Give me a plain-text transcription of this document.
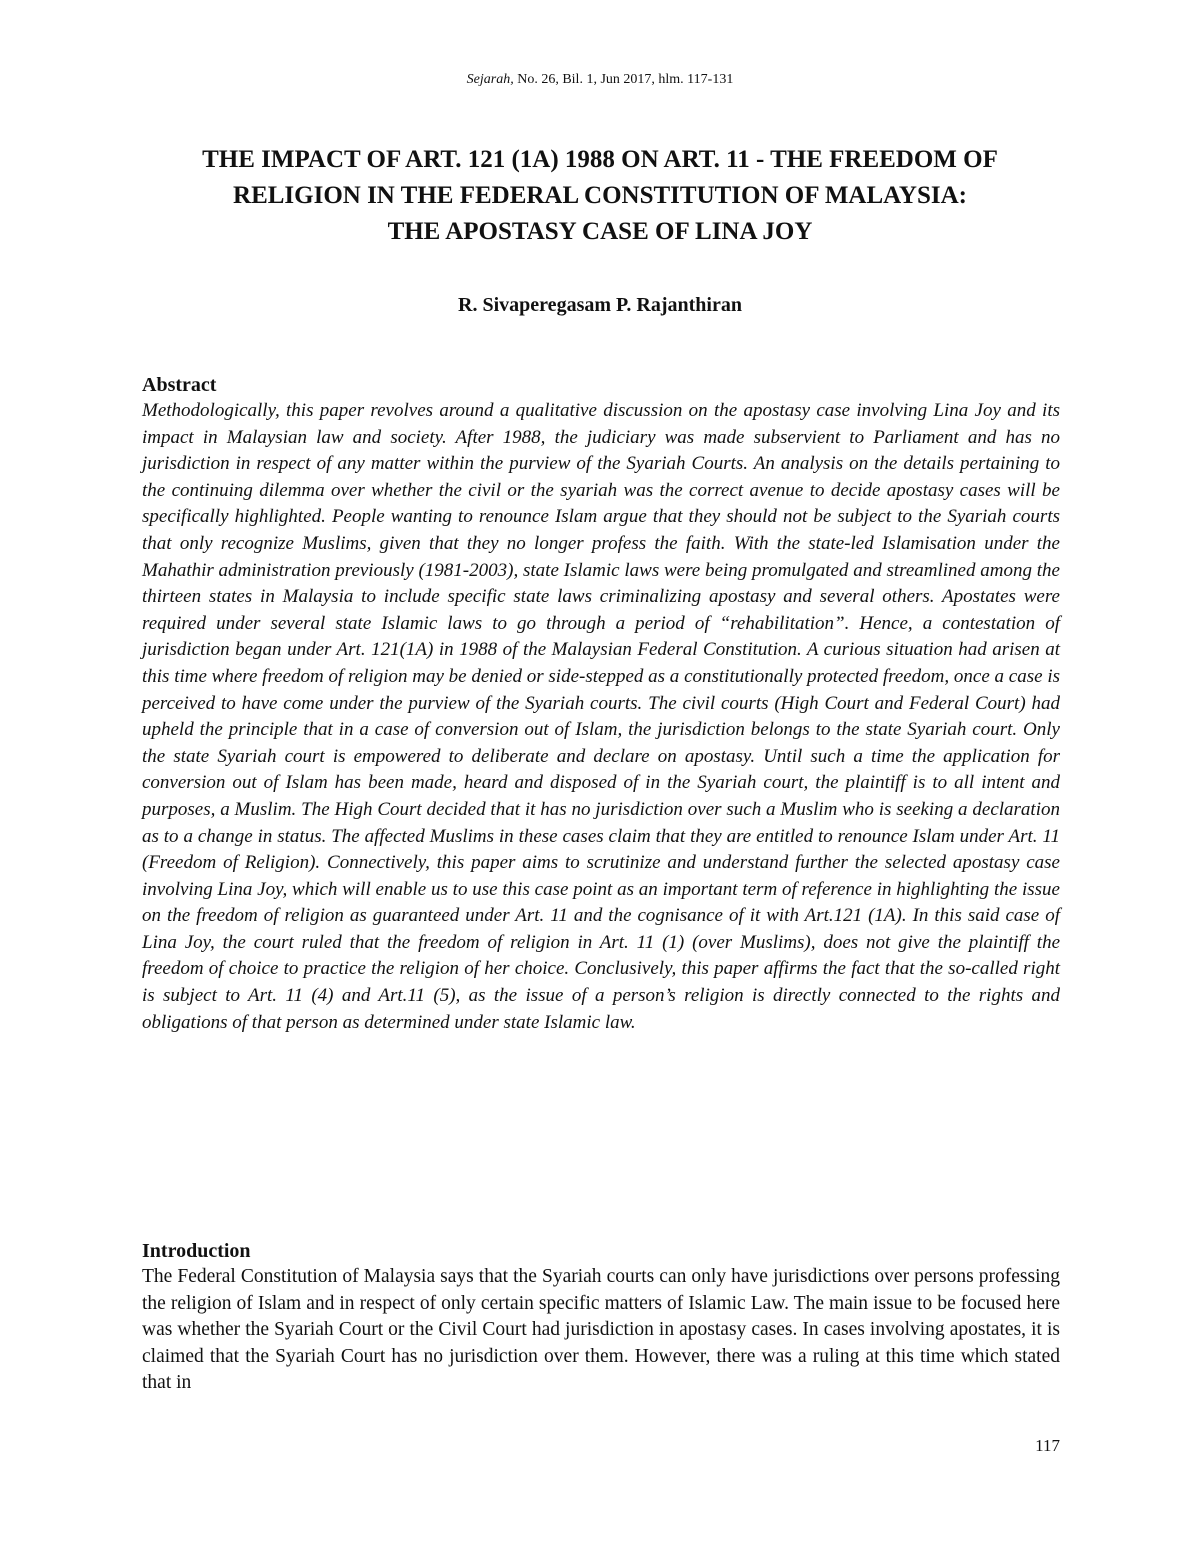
Sejarah, No. 26, Bil. 1, Jun 2017, hlm. 117-131
THE IMPACT OF ART. 121 (1A) 1988 ON ART. 11 - THE FREEDOM OF
RELIGION IN THE FEDERAL CONSTITUTION OF MALAYSIA:
THE APOSTASY CASE OF LINA JOY
R. Sivaperegasam P. Rajanthiran
Abstract

Methodologically, this paper revolves around a qualitative discussion on the apostasy case involving Lina Joy and its impact in Malaysian law and society. After 1988, the judiciary was made subservient to Parliament and has no jurisdiction in respect of any matter within the purview of the Syariah Courts. An analysis on the details pertaining to the continuing dilemma over whether the civil or the syariah was the correct avenue to decide apostasy cases will be specifically highlighted. People wanting to renounce Islam argue that they should not be subject to the Syariah courts that only recognize Muslims, given that they no longer profess the faith. With the state-led Islamisation under the Mahathir administration previously (1981-2003), state Islamic laws were being promulgated and streamlined among the thirteen states in Malaysia to include specific state laws criminalizing apostasy and several others. Apostates were required under several state Islamic laws to go through a period of “rehabilitation”. Hence, a contestation of jurisdiction began under Art. 121(1A) in 1988 of the Malaysian Federal Constitution. A curious situation had arisen at this time where freedom of religion may be denied or side-stepped as a constitutionally protected freedom, once a case is perceived to have come under the purview of the Syariah courts. The civil courts (High Court and Federal Court) had upheld the principle that in a case of conversion out of Islam, the jurisdiction belongs to the state Syariah court. Only the state Syariah court is empowered to deliberate and declare on apostasy. Until such a time the application for conversion out of Islam has been made, heard and disposed of in the Syariah court, the plaintiff is to all intent and purposes, a Muslim. The High Court decided that it has no jurisdiction over such a Muslim who is seeking a declaration as to a change in status. The affected Muslims in these cases claim that they are entitled to renounce Islam under Art. 11 (Freedom of Religion). Connectively, this paper aims to scrutinize and understand further the selected apostasy case involving Lina Joy, which will enable us to use this case point as an important term of reference in highlighting the issue on the freedom of religion as guaranteed under Art. 11 and the cognisance of it with Art.121 (1A). In this said case of Lina Joy, the court ruled that the freedom of religion in Art. 11 (1) (over Muslims), does not give the plaintiff the freedom of choice to practice the religion of her choice. Conclusively, this paper affirms the fact that the so-called right is subject to Art. 11 (4) and Art.11 (5), as the issue of a person’s religion is directly connected to the rights and obligations of that person as determined under state Islamic law.

Introduction

The Federal Constitution of Malaysia says that the Syariah courts can only have jurisdictions over persons professing the religion of Islam and in respect of only certain specific matters of Islamic Law. The main issue to be focused here was whether the Syariah Court or the Civil Court had jurisdiction in apostasy cases. In cases involving apostates, it is claimed that the Syariah Court has no jurisdiction over them. However, there was a ruling at this time which stated that in

117
